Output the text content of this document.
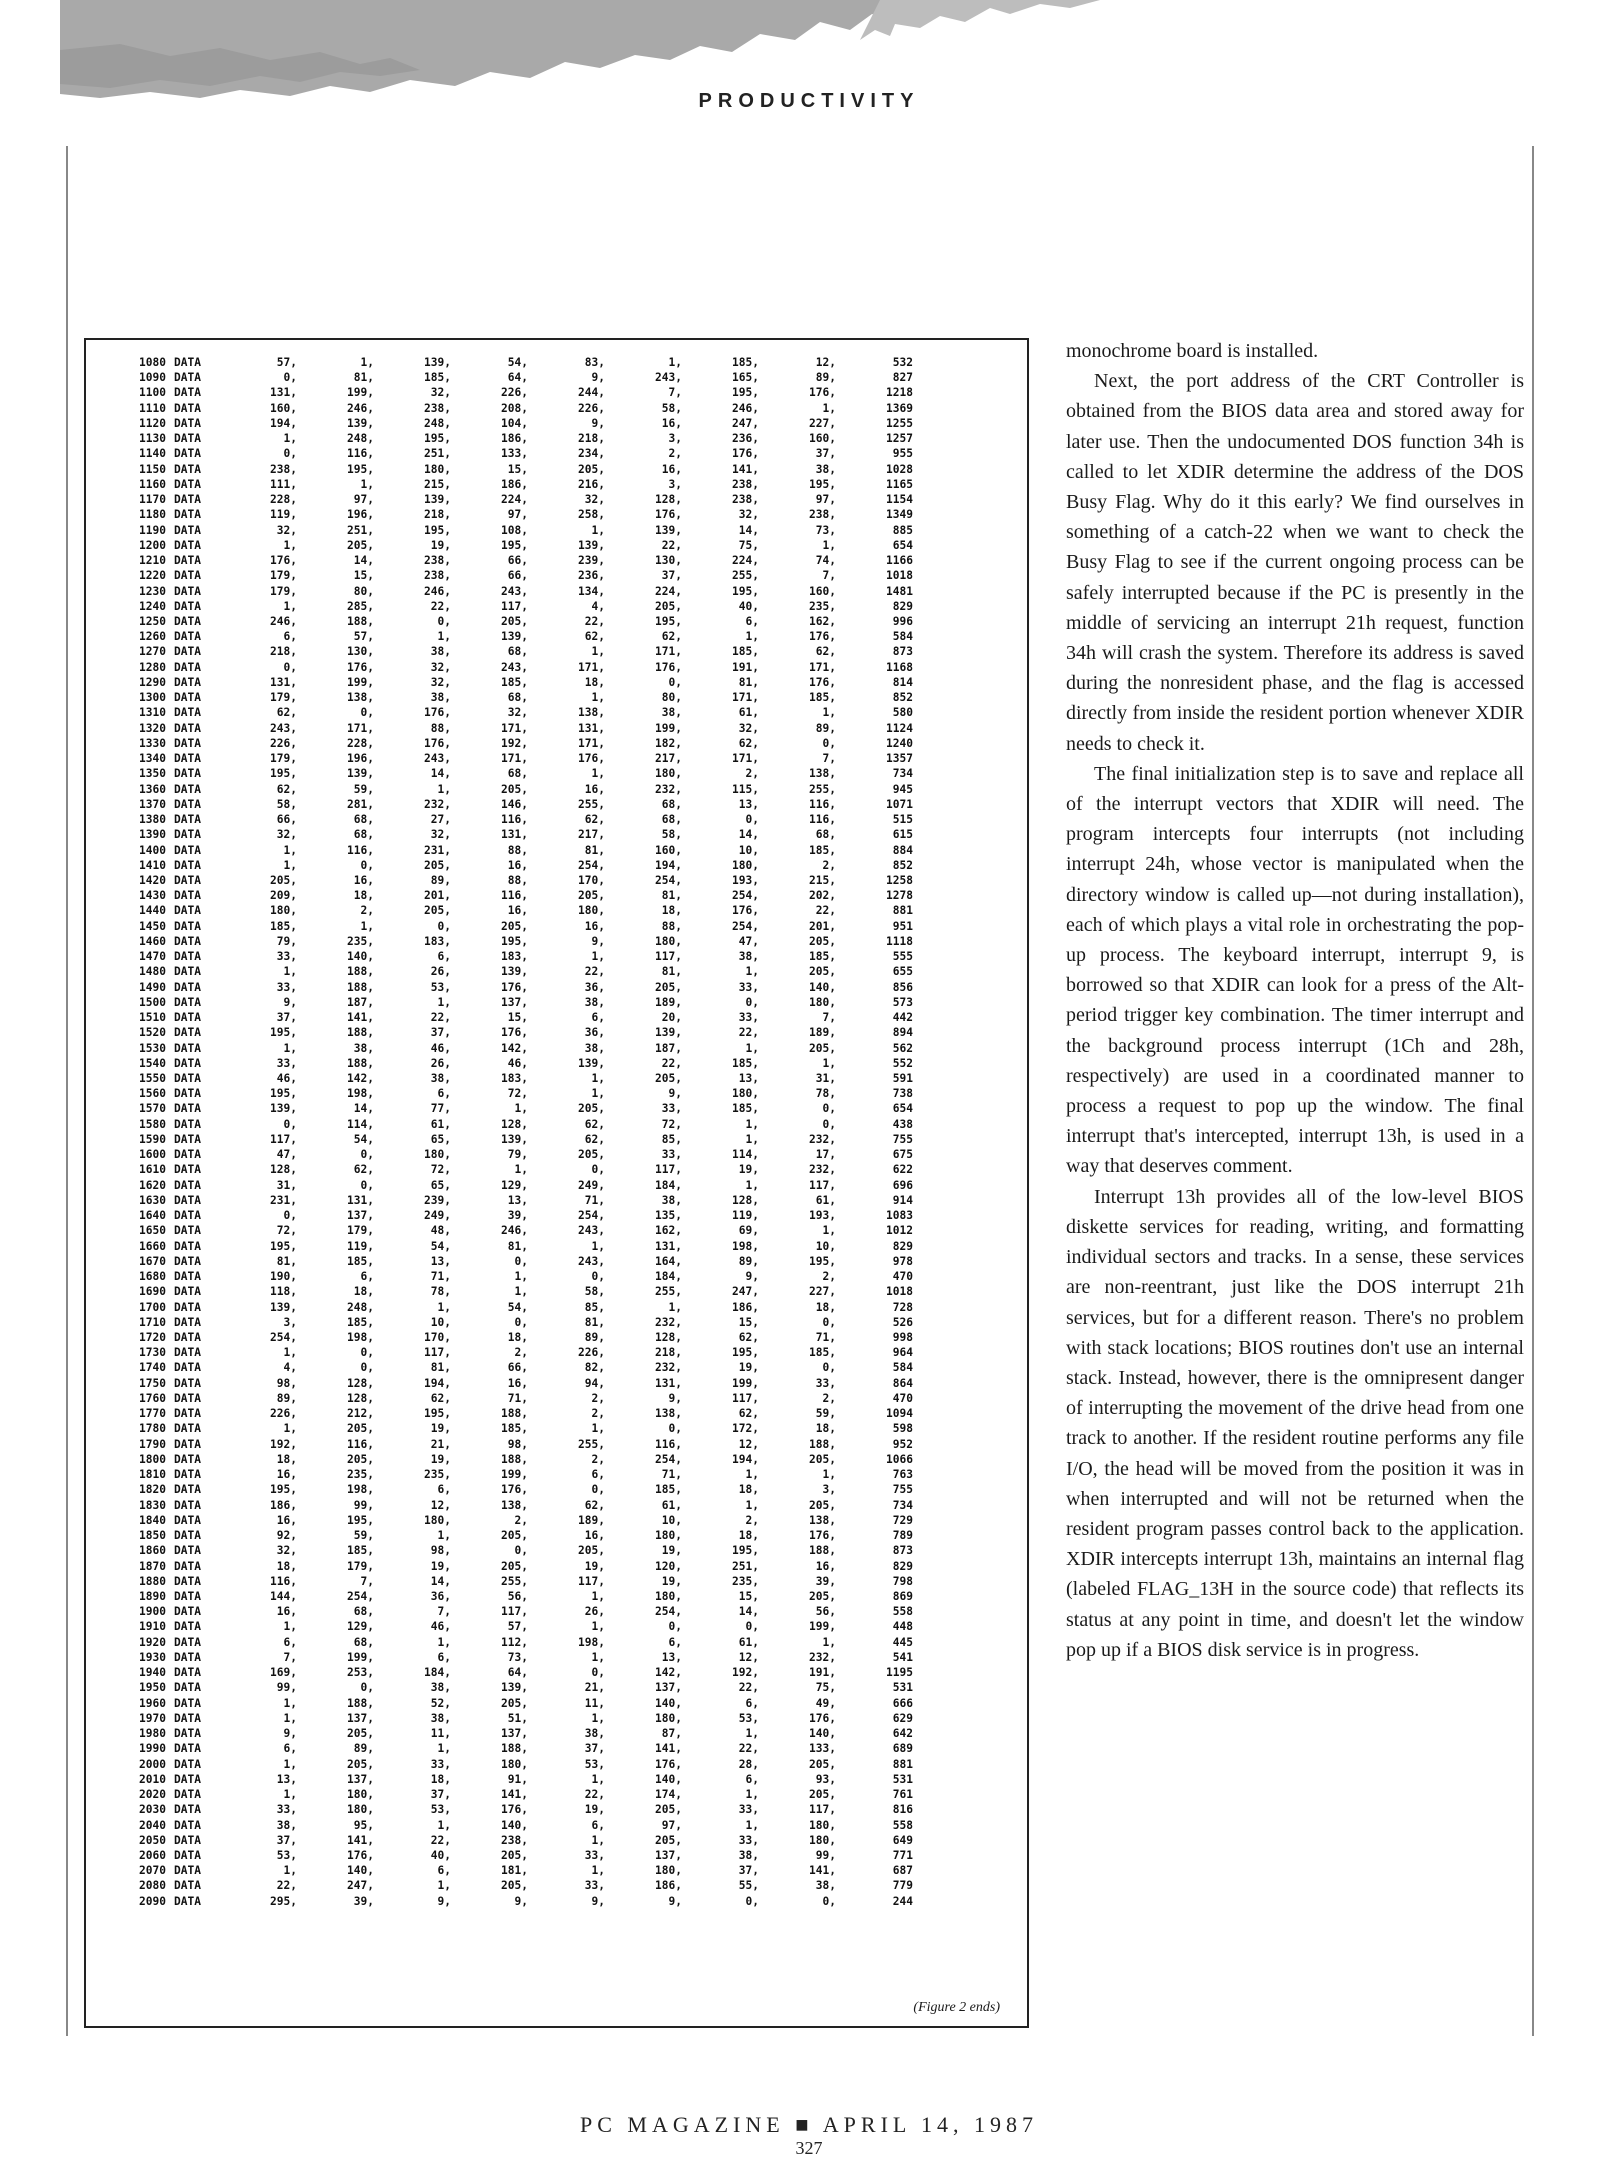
PRODUCTIVITY
1080 DATA	57,	1,	139,	54,	83,	1,	185,	12,	532
1090 DATA	0,	81,	185,	64,	9,	243,	165,	89,	827
1100 DATA	131,	199,	32,	226,	244,	7,	195,	176,	1218
1110 DATA	160,	246,	238,	208,	226,	58,	246,	1,	1369
1120 DATA	194,	139,	248,	104,	9,	16,	247,	227,	1255
1130 DATA	1,	248,	195,	186,	218,	3,	236,	160,	1257
1140 DATA	0,	116,	251,	133,	234,	2,	176,	37,	955
1150 DATA	238,	195,	180,	15,	205,	16,	141,	38,	1028
1160 DATA	111,	1,	215,	186,	216,	3,	238,	195,	1165
1170 DATA	228,	97,	139,	224,	32,	128,	238,	97,	1154
1180 DATA	119,	196,	218,	97,	258,	176,	32,	238,	1349
1190 DATA	32,	251,	195,	108,	1,	139,	14,	73,	885
1200 DATA	1,	205,	19,	195,	139,	22,	75,	1,	654
1210 DATA	176,	14,	238,	66,	239,	130,	224,	74,	1166
1220 DATA	179,	15,	238,	66,	236,	37,	255,	7,	1018
1230 DATA	179,	80,	246,	243,	134,	224,	195,	160,	1481
1240 DATA	1,	285,	22,	117,	4,	205,	40,	235,	829
1250 DATA	246,	188,	0,	205,	22,	195,	6,	162,	996
1260 DATA	6,	57,	1,	139,	62,	62,	1,	176,	584
1270 DATA	218,	130,	38,	68,	1,	171,	185,	62,	873
1280 DATA	0,	176,	32,	243,	171,	176,	191,	171,	1168
1290 DATA	131,	199,	32,	185,	18,	0,	81,	176,	814
1300 DATA	179,	138,	38,	68,	1,	80,	171,	185,	852
1310 DATA	62,	0,	176,	32,	138,	38,	61,	1,	580
1320 DATA	243,	171,	88,	171,	131,	199,	32,	89,	1124
1330 DATA	226,	228,	176,	192,	171,	182,	62,	0,	1240
1340 DATA	179,	196,	243,	171,	176,	217,	171,	7,	1357
1350 DATA	195,	139,	14,	68,	1,	180,	2,	138,	734
1360 DATA	62,	59,	1,	205,	16,	232,	115,	255,	945
1370 DATA	58,	281,	232,	146,	255,	68,	13,	116,	1071
1380 DATA	66,	68,	27,	116,	62,	68,	0,	116,	515
1390 DATA	32,	68,	32,	131,	217,	58,	14,	68,	615
1400 DATA	1,	116,	231,	88,	81,	160,	10,	185,	884
1410 DATA	1,	0,	205,	16,	254,	194,	180,	2,	852
1420 DATA	205,	16,	89,	88,	170,	254,	193,	215,	1258
1430 DATA	209,	18,	201,	116,	205,	81,	254,	202,	1278
1440 DATA	180,	2,	205,	16,	180,	18,	176,	22,	881
1450 DATA	185,	1,	0,	205,	16,	88,	254,	201,	951
1460 DATA	79,	235,	183,	195,	9,	180,	47,	205,	1118
1470 DATA	33,	140,	6,	183,	1,	117,	38,	185,	555
1480 DATA	1,	188,	26,	139,	22,	81,	1,	205,	655
1490 DATA	33,	188,	53,	176,	36,	205,	33,	140,	856
1500 DATA	9,	187,	1,	137,	38,	189,	0,	180,	573
1510 DATA	37,	141,	22,	15,	6,	20,	33,	7,	442
1520 DATA	195,	188,	37,	176,	36,	139,	22,	189,	894
1530 DATA	1,	38,	46,	142,	38,	187,	1,	205,	562
1540 DATA	33,	188,	26,	46,	139,	22,	185,	1,	552
1550 DATA	46,	142,	38,	183,	1,	205,	13,	31,	591
1560 DATA	195,	198,	6,	72,	1,	9,	180,	78,	738
1570 DATA	139,	14,	77,	1,	205,	33,	185,	0,	654
1580 DATA	0,	114,	61,	128,	62,	72,	1,	0,	438
1590 DATA	117,	54,	65,	139,	62,	85,	1,	232,	755
1600 DATA	47,	0,	180,	79,	205,	33,	114,	17,	675
1610 DATA	128,	62,	72,	1,	0,	117,	19,	232,	622
1620 DATA	31,	0,	65,	129,	249,	184,	1,	117,	696
1630 DATA	231,	131,	239,	13,	71,	38,	128,	61,	914
1640 DATA	0,	137,	249,	39,	254,	135,	119,	193,	1083
1650 DATA	72,	179,	48,	246,	243,	162,	69,	1,	1012
1660 DATA	195,	119,	54,	81,	1,	131,	198,	10,	829
1670 DATA	81,	185,	13,	0,	243,	164,	89,	195,	978
1680 DATA	190,	6,	71,	1,	0,	184,	9,	2,	470
1690 DATA	118,	18,	78,	1,	58,	255,	247,	227,	1018
1700 DATA	139,	248,	1,	54,	85,	1,	186,	18,	728
1710 DATA	3,	185,	10,	0,	81,	232,	15,	0,	526
1720 DATA	254,	198,	170,	18,	89,	128,	62,	71,	998
1730 DATA	1,	0,	117,	2,	226,	218,	195,	185,	964
1740 DATA	4,	0,	81,	66,	82,	232,	19,	0,	584
1750 DATA	98,	128,	194,	16,	94,	131,	199,	33,	864
1760 DATA	89,	128,	62,	71,	2,	9,	117,	2,	470
1770 DATA	226,	212,	195,	188,	2,	138,	62,	59,	1094
1780 DATA	1,	205,	19,	185,	1,	0,	172,	18,	598
1790 DATA	192,	116,	21,	98,	255,	116,	12,	188,	952
1800 DATA	18,	205,	19,	188,	2,	254,	194,	205,	1066
1810 DATA	16,	235,	235,	199,	6,	71,	1,	1,	763
1820 DATA	195,	198,	6,	176,	0,	185,	18,	3,	755
1830 DATA	186,	99,	12,	138,	62,	61,	1,	205,	734
1840 DATA	16,	195,	180,	2,	189,	10,	2,	138,	729
1850 DATA	92,	59,	1,	205,	16,	180,	18,	176,	789
1860 DATA	32,	185,	98,	0,	205,	19,	195,	188,	873
1870 DATA	18,	179,	19,	205,	19,	120,	251,	16,	829
1880 DATA	116,	7,	14,	255,	117,	19,	235,	39,	798
1890 DATA	144,	254,	36,	56,	1,	180,	15,	205,	869
1900 DATA	16,	68,	7,	117,	26,	254,	14,	56,	558
1910 DATA	1,	129,	46,	57,	1,	0,	0,	199,	448
1920 DATA	6,	68,	1,	112,	198,	6,	61,	1,	445
1930 DATA	7,	199,	6,	73,	1,	13,	12,	232,	541
1940 DATA	169,	253,	184,	64,	0,	142,	192,	191,	1195
1950 DATA	99,	0,	38,	139,	21,	137,	22,	75,	531
1960 DATA	1,	188,	52,	205,	11,	140,	6,	49,	666
1970 DATA	1,	137,	38,	51,	1,	180,	53,	176,	629
1980 DATA	9,	205,	11,	137,	38,	87,	1,	140,	642
1990 DATA	6,	89,	1,	188,	37,	141,	22,	133,	689
2000 DATA	1,	205,	33,	180,	53,	176,	28,	205,	881
2010 DATA	13,	137,	18,	91,	1,	140,	6,	93,	531
2020 DATA	1,	180,	37,	141,	22,	174,	1,	205,	761
2030 DATA	33,	180,	53,	176,	19,	205,	33,	117,	816
2040 DATA	38,	95,	1,	140,	6,	97,	1,	180,	558
2050 DATA	37,	141,	22,	238,	1,	205,	33,	180,	649
2060 DATA	53,	176,	40,	205,	33,	137,	38,	99,	771
2070 DATA	1,	140,	6,	181,	1,	180,	37,	141,	687
2080 DATA	22,	247,	1,	205,	33,	186,	55,	38,	779
2090 DATA	295,	39,	9,	9,	9,	9,	0,	0,	244
(Figure 2 ends)

monochrome board is installed.

Next, the port address of the CRT Controller is obtained from the BIOS data area and stored away for later use. Then the undocumented DOS function 34h is called to let XDIR determine the address of the DOS Busy Flag. Why do it this early? We find ourselves in something of a catch-22 when we want to check the Busy Flag to see if the current ongoing process can be safely interrupted because if the PC is presently in the middle of servicing an interrupt 21h request, function 34h will crash the system. Therefore its address is saved during the nonresident phase, and the flag is accessed directly from inside the resident portion whenever XDIR needs to check it.

The final initialization step is to save and replace all of the interrupt vectors that XDIR will need. The program intercepts four interrupts (not including interrupt 24h, whose vector is manipulated when the directory window is called up—not during installation), each of which plays a vital role in orchestrating the pop-up process. The keyboard interrupt, interrupt 9, is borrowed so that XDIR can look for a press of the Alt-period trigger key combination. The timer interrupt and the background process interrupt (1Ch and 28h, respectively) are used in a coordinated manner to process a request to pop up the window. The final interrupt that's intercepted, interrupt 13h, is used in a way that deserves comment.

Interrupt 13h provides all of the low-level BIOS diskette services for reading, writing, and formatting individual sectors and tracks. In a sense, these services are non-reentrant, just like the DOS interrupt 21h services, but for a different reason. There's no problem with stack locations; BIOS routines don't use an internal stack. Instead, however, there is the omnipresent danger of interrupting the movement of the drive head from one track to another. If the resident routine performs any file I/O, the head will be moved from the position it was in when interrupted and will not be returned when the resident program passes control back to the application. XDIR intercepts interrupt 13h, maintains an internal flag (labeled FLAG_13H in the source code) that reflects its status at any point in time, and doesn't let the window pop up if a BIOS disk service is in progress.

PC MAGAZINE ■ APRIL 14, 1987
327
